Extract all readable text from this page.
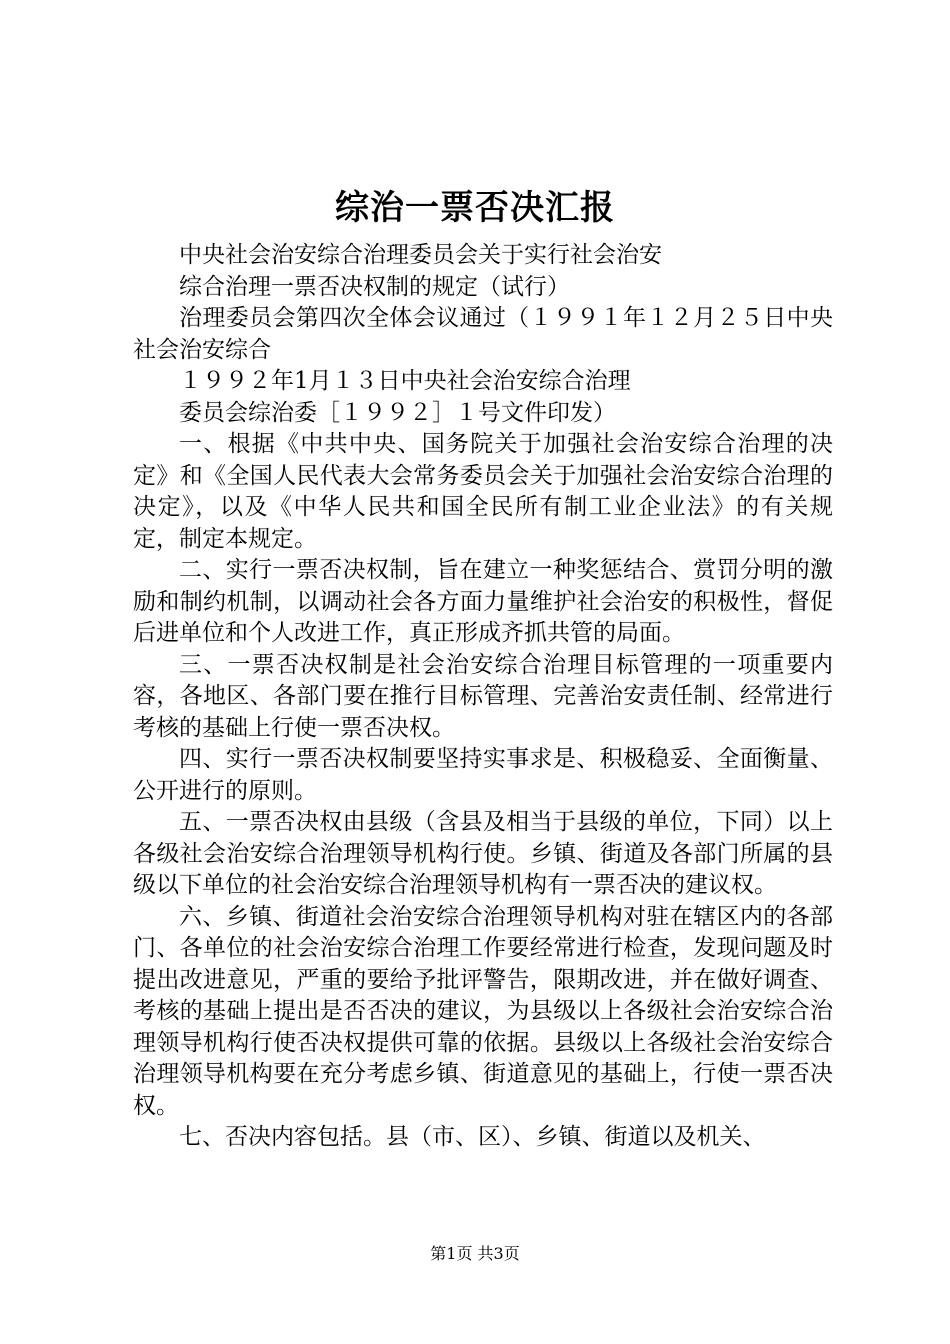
综治一票否决汇报

中央社会治安综合治理委员会关于实行社会治安

综合治理一票否决权制的规定（试行）

治理委员会第四次全体会议通过（１９９１年１２月２５日中央社会治安综合

１９９２年1月１３日中央社会治安综合治理

委员会综治委［１９９２］１号文件印发）

一、根据《中共中央、国务院关于加强社会治安综合治理的决定》和《全国人民代表大会常务委员会关于加强社会治安综合治理的决定》，以及《中华人民共和国全民所有制工业企业法》的有关规定，制定本规定。

二、实行一票否决权制，旨在建立一种奖惩结合、赏罚分明的激励和制约机制，以调动社会各方面力量维护社会治安的积极性，督促后进单位和个人改进工作，真正形成齐抓共管的局面。

三、一票否决权制是社会治安综合治理目标管理的一项重要内容，各地区、各部门要在推行目标管理、完善治安责任制、经常进行考核的基础上行使一票否决权。

四、实行一票否决权制要坚持实事求是、积极稳妥、全面衡量、公开进行的原则。

五、一票否决权由县级（含县及相当于县级的单位，下同）以上各级社会治安综合治理领导机构行使。乡镇、街道及各部门所属的县级以下单位的社会治安综合治理领导机构有一票否决的建议权。

六、乡镇、街道社会治安综合治理领导机构对驻在辖区内的各部门、各单位的社会治安综合治理工作要经常进行检查，发现问题及时提出改进意见，严重的要给予批评警告，限期改进，并在做好调查、考核的基础上提出是否否决的建议，为县级以上各级社会治安综合治理领导机构行使否决权提供可靠的依据。县级以上各级社会治安综合治理领导机构要在充分考虑乡镇、街道意见的基础上，行使一票否决权。

七、否决内容包括。县（市、区）、乡镇、街道以及机关、

第1页 共3页
